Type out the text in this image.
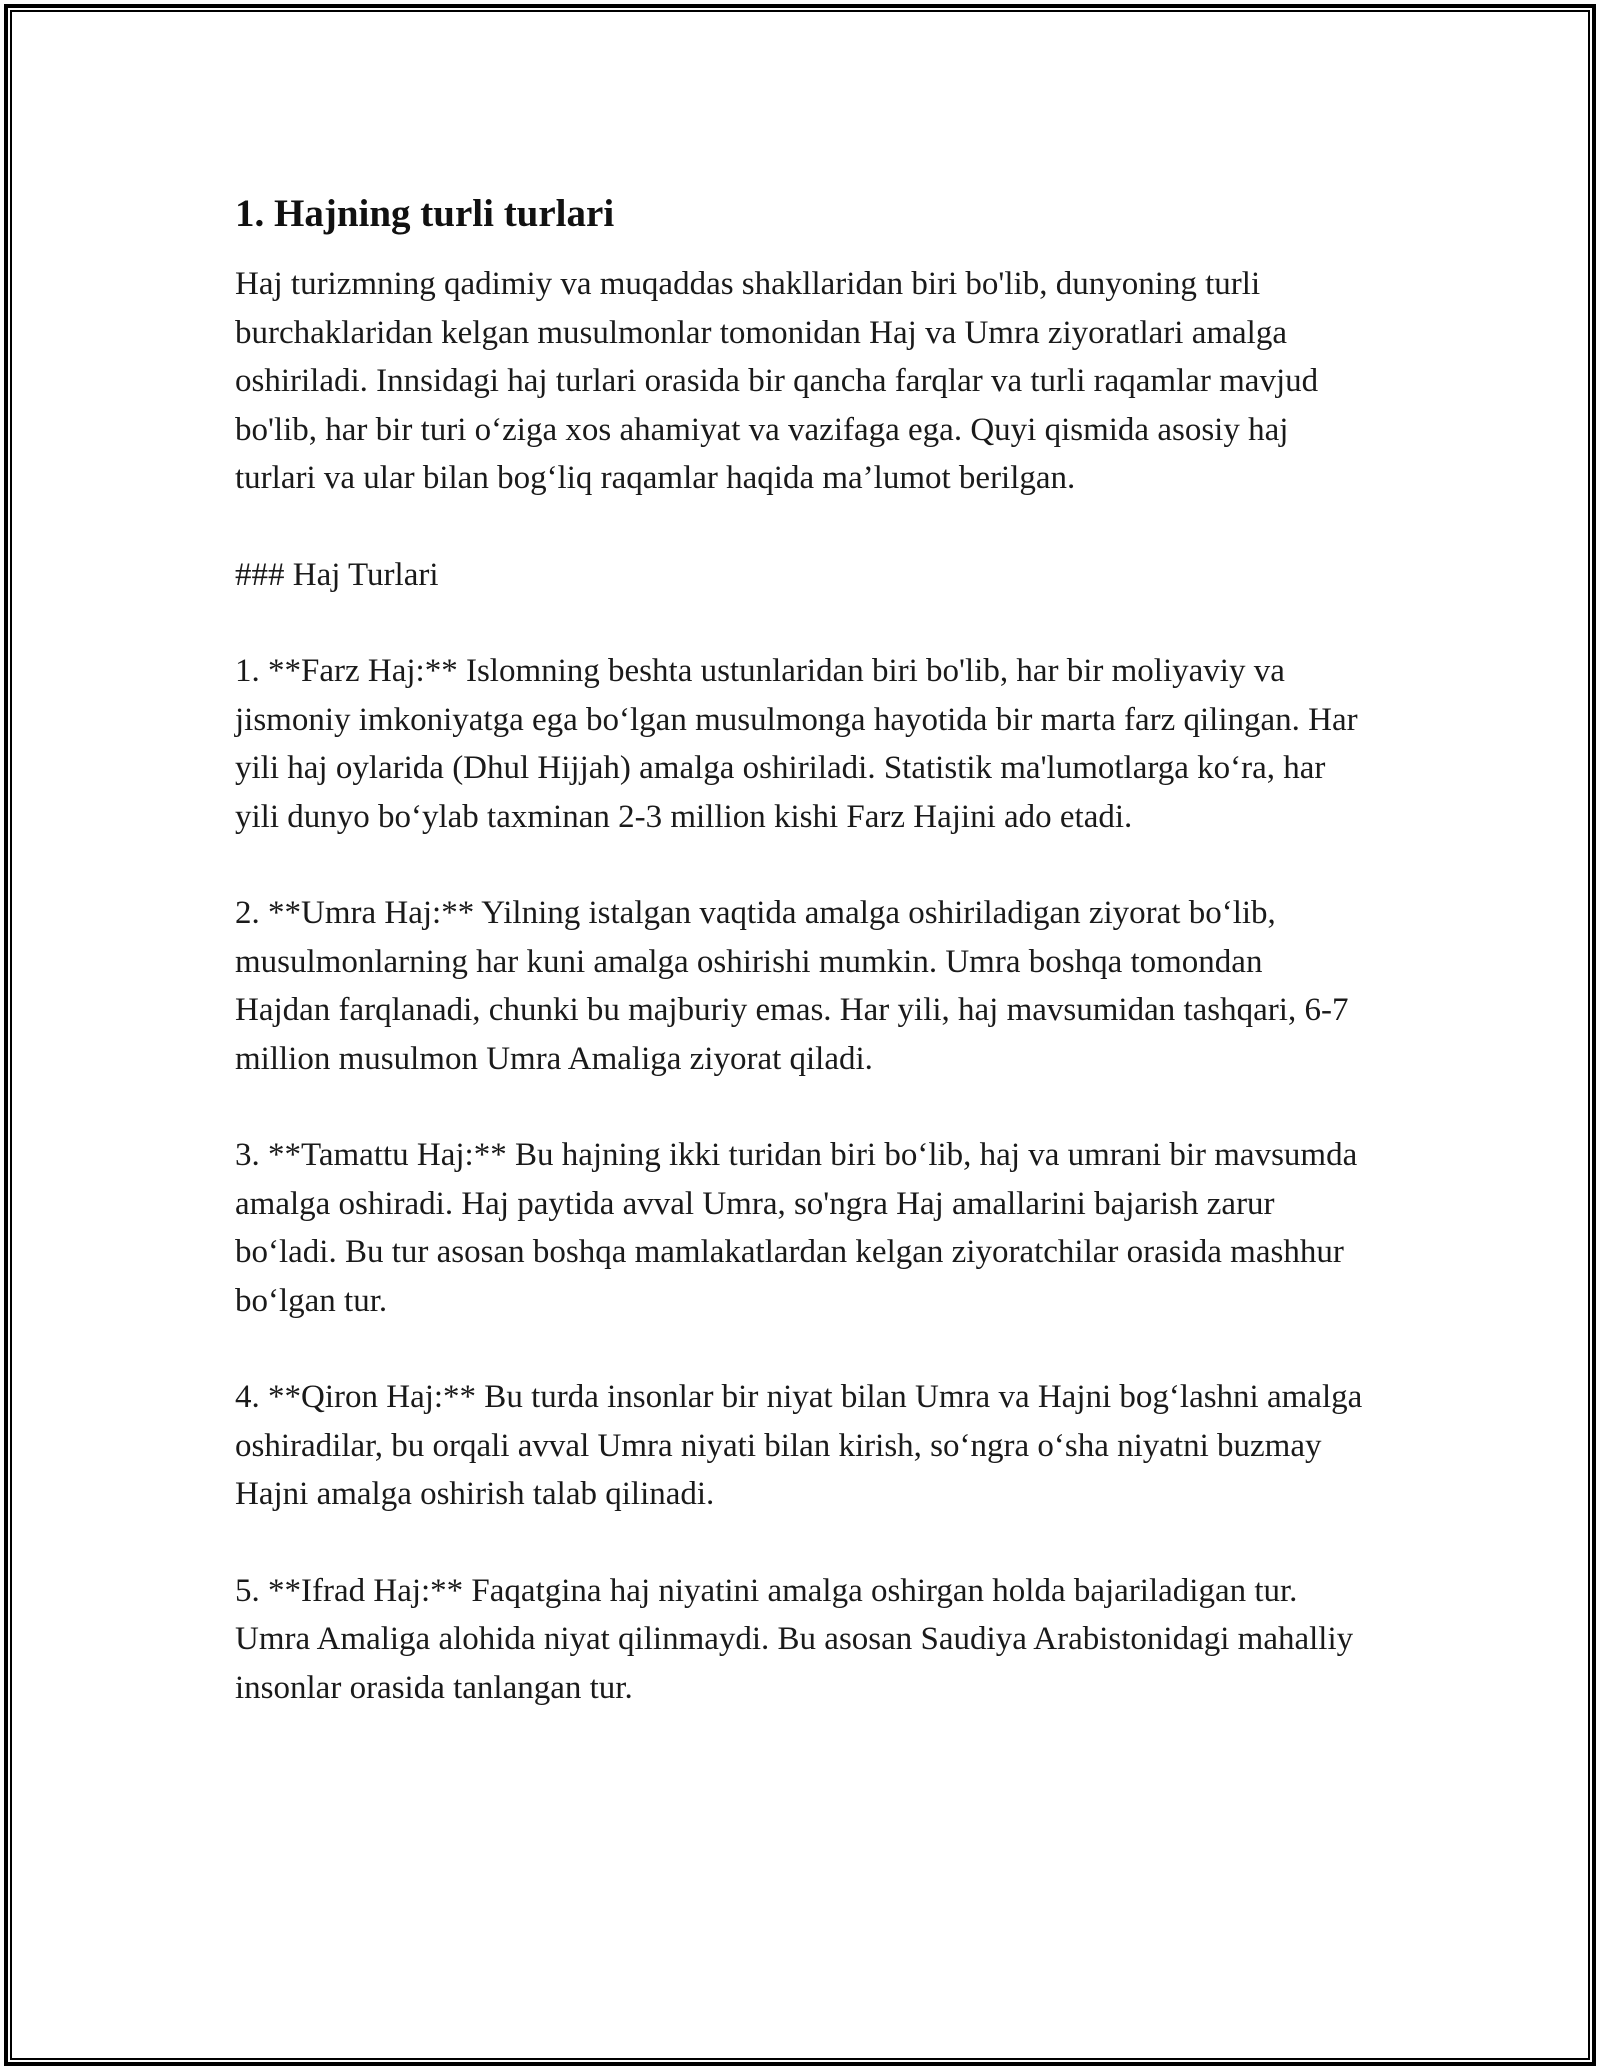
1. Hajning turli turlari

Haj turizmning qadimiy va muqaddas shakllaridan biri bo'lib, dunyoning turli burchaklaridan kelgan musulmonlar tomonidan Haj va Umra ziyoratlari amalga oshiriladi. Innsidagi haj turlari orasida bir qancha farqlar va turli raqamlar mavjud bo'lib, har bir turi o‘ziga xos ahamiyat va vazifaga ega. Quyi qismida asosiy haj turlari va ular bilan bog‘liq raqamlar haqida ma’lumot berilgan.

### Haj Turlari

1. **Farz Haj:** Islomning beshta ustunlaridan biri bo'lib, har bir moliyaviy va jismoniy imkoniyatga ega bo‘lgan musulmonga hayotida bir marta farz qilingan. Har yili haj oylarida (Dhul Hijjah) amalga oshiriladi. Statistik ma'lumotlarga ko‘ra, har yili dunyo bo‘ylab taxminan 2-3 million kishi Farz Hajini ado etadi.

2. **Umra Haj:** Yilning istalgan vaqtida amalga oshiriladigan ziyorat bo‘lib, musulmonlarning har kuni amalga oshirishi mumkin. Umra boshqa tomondan Hajdan farqlanadi, chunki bu majburiy emas. Har yili, haj mavsumidan tashqari, 6-7 million musulmon Umra Amaliga ziyorat qiladi.

3. **Tamattu Haj:** Bu hajning ikki turidan biri bo‘lib, haj va umrani bir mavsumda amalga oshiradi. Haj paytida avval Umra, so'ngra Haj amallarini bajarish zarur bo‘ladi. Bu tur asosan boshqa mamlakatlardan kelgan ziyoratchilar orasida mashhur bo‘lgan tur.

4. **Qiron Haj:** Bu turda insonlar bir niyat bilan Umra va Hajni bog‘lashni amalga oshiradilar, bu orqali avval Umra niyati bilan kirish, so‘ngra o‘sha niyatni buzmay Hajni amalga oshirish talab qilinadi.

5. **Ifrad Haj:** Faqatgina haj niyatini amalga oshirgan holda bajariladigan tur. Umra Amaliga alohida niyat qilinmaydi. Bu asosan Saudiya Arabistonidagi mahalliy insonlar orasida tanlangan tur.
